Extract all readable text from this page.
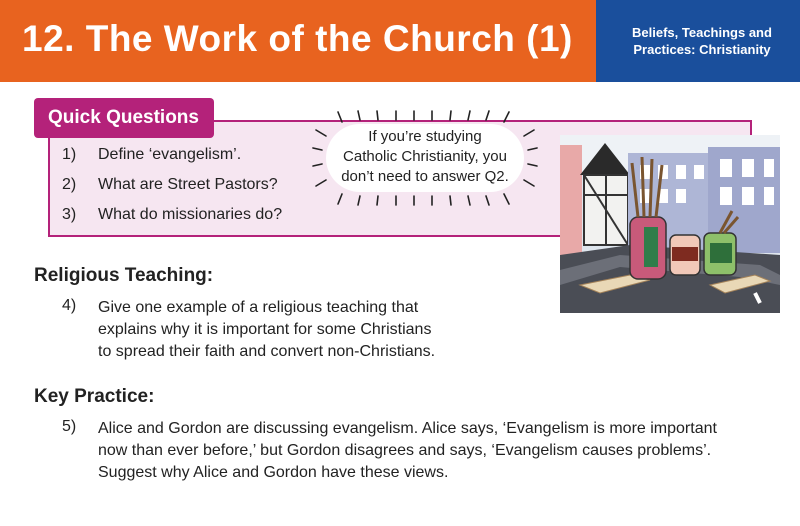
12. The Work of the Church (1)	Beliefs, Teachings and
Practices: Christianity
Quick Questions
1) Define ‘evangelism’.
2) What are Street Pastors?
3) What do missionaries do?
If you’re studying
Catholic Christianity, you
don’t need to answer Q2.
Religious Teaching:
4) Give one example of a religious teaching that
explains why it is important for some Christians
to spread their faith and convert non-Christians.
Key Practice:
5) Alice and Gordon are discussing evangelism. Alice says, ‘Evangelism is more important
now than ever before,’ but Gordon disagrees and says, ‘Evangelism causes problems’.
Suggest why Alice and Gordon have these views.
